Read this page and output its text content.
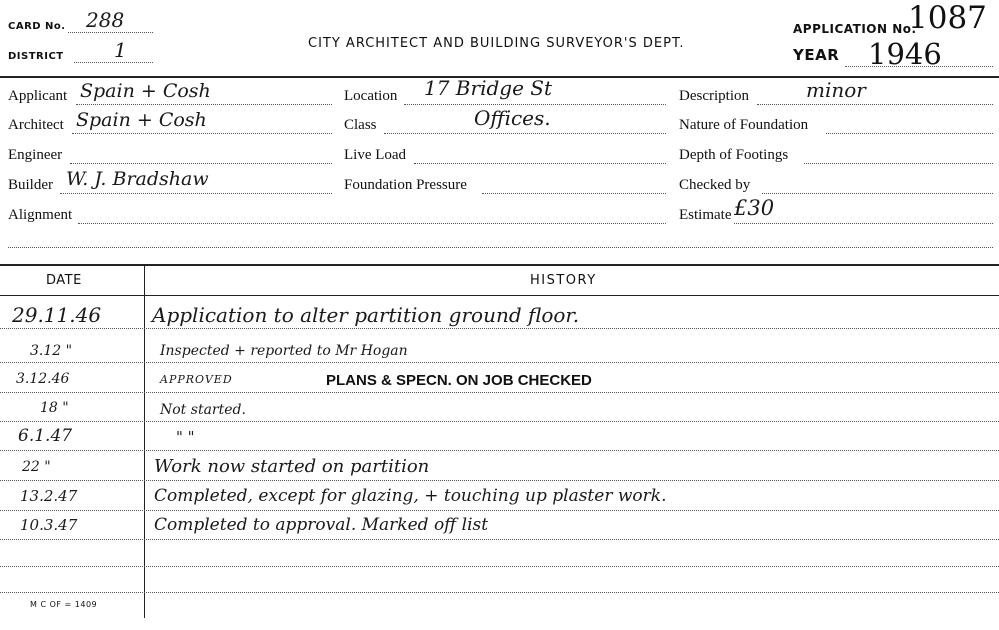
CARD No. 288
DISTRICT	1	CITY ARCHITECT AND BUILDING SURVEYOR'S DEPT.
APPLICATION No.
1087
YEAR 1946
Applicant Spain + Cosh
Architect Spain + Cosh
Engineer
Builder W. J. Bradshaw
Alignment
Location 17 Bridge St
Class	Offices.
Live Load
Foundation Pressure
Description	minor
Nature of Foundation
Depth of Footings
Checked by
Estimate £30
DATE	HISTORY
29.11.46	Application to alter partition ground floor.
3.12 "	Inspected + reported to Mr Hogan
3.12.46	APPROVED	PLANS & SPECN. ON JOB CHECKED
18 "	Not started.
6.1.47	" "
22 "	Work now started on partition
13.2.47	Completed, except for glazing, + touching up plaster work.
10.3.47	Completed to approval. Marked off list
M C OF = 1409
